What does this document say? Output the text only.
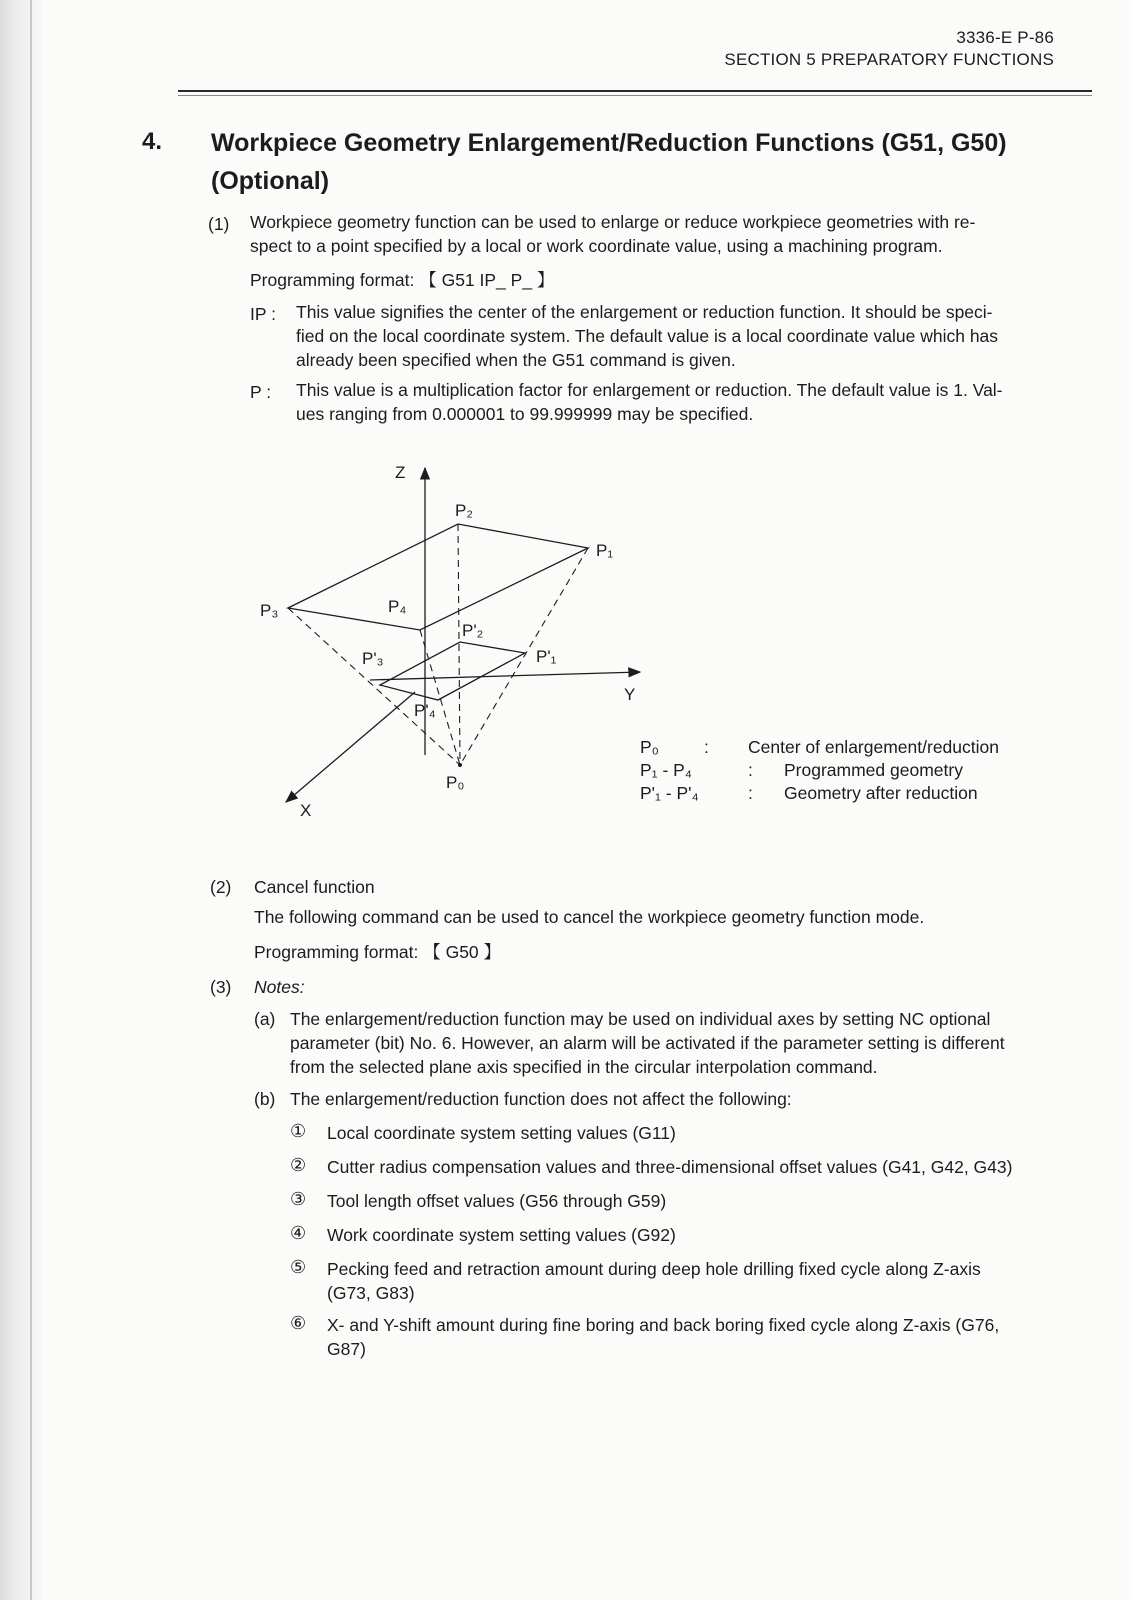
3336-E P-86
SECTION 5 PREPARATORY FUNCTIONS
4. Workpiece Geometry Enlargement/Reduction Functions (G51, G50)
(Optional)
(1) Workpiece geometry function can be used to enlarge or reduce workpiece geometries with re-
spect to a point specified by a local or work coordinate value, using a machining program.
Programming format: 【 G51 IP_ P_ 】
IP : This value signifies the center of the enlargement or reduction function. It should be speci-
fied on the local coordinate system. The default value is a local coordinate value which has
already been specified when the G51 command is given.
P : This value is a multiplication factor for enlargement or reduction. The default value is 1. Val-
ues ranging from 0.000001 to 99.999999 may be specified.
Z
Y
X
P₁
P₂
P₃	P₄
P'₁
P'₂
P'₃
P'₄
P₀
P₀	:	Center of enlargement/reduction
P₁ - P₄	:	Programmed geometry
P'₁ - P'₄	:	Geometry after reduction
(2) Cancel function
The following command can be used to cancel the workpiece geometry function mode.
Programming format: 【 G50 】
(3) Notes:
(a) The enlargement/reduction function may be used on individual axes by setting NC optional
parameter (bit) No. 6. However, an alarm will be activated if the parameter setting is different
from the selected plane axis specified in the circular interpolation command.
(b) The enlargement/reduction function does not affect the following:
① Local coordinate system setting values (G11)
② Cutter radius compensation values and three-dimensional offset values (G41, G42, G43)
③ Tool length offset values (G56 through G59)
④ Work coordinate system setting values (G92)
⑤ Pecking feed and retraction amount during deep hole drilling fixed cycle along Z-axis
(G73, G83)
⑥ X- and Y-shift amount during fine boring and back boring fixed cycle along Z-axis (G76,
G87)
